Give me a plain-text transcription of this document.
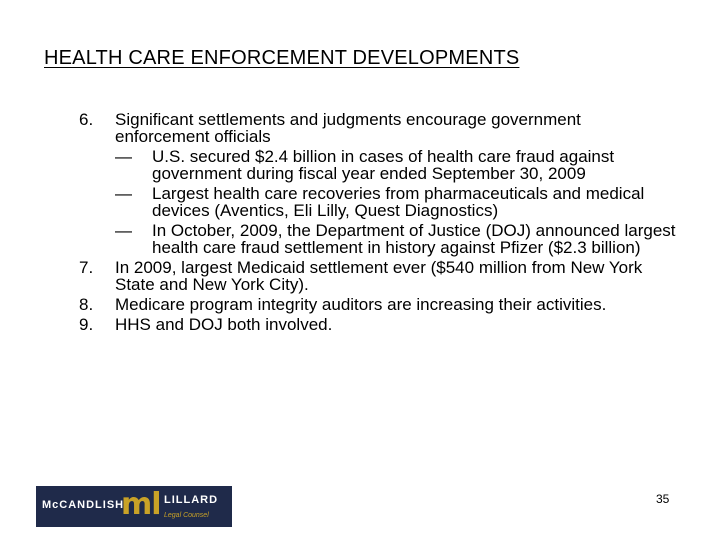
HEALTH CARE ENFORCEMENT DEVELOPMENTS
6. Significant settlements and judgments encourage government enforcement officials
— U.S. secured $2.4 billion in cases of health care fraud against government during fiscal year ended September 30, 2009
— Largest health care recoveries from pharmaceuticals and medical devices (Aventics, Eli Lilly, Quest Diagnostics)
— In October, 2009, the Department of Justice (DOJ) announced largest health care fraud settlement in history against Pfizer ($2.3 billion)
7. In 2009, largest Medicaid settlement ever ($540 million from New York State and New York City).
8. Medicare program integrity auditors are increasing their activities.
9. HHS and DOJ both involved.
McCANDLISH
ml LILLARD
Legal Counsel
35
